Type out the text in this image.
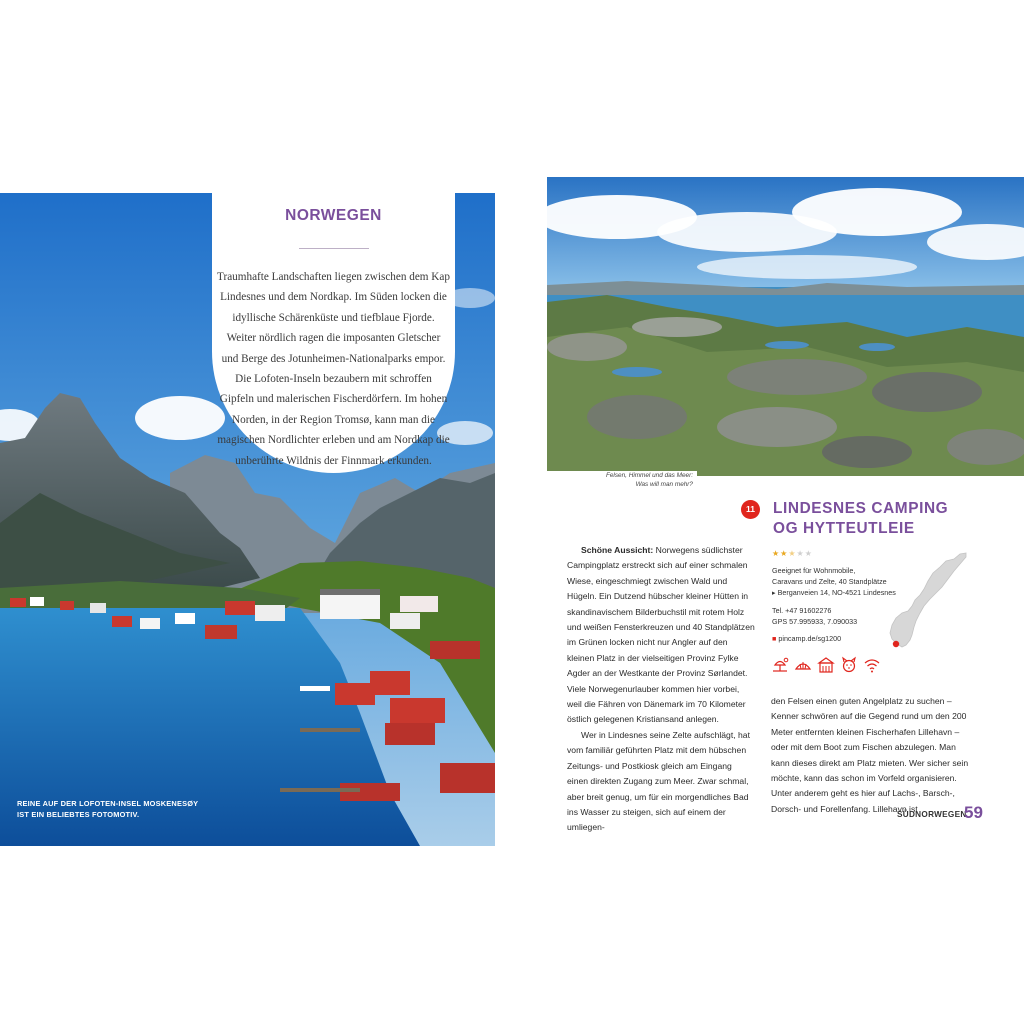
NORWEGEN
Traumhafte Landschaften liegen zwischen dem Kap Lindesnes und dem Nordkap. Im Süden locken die idyllische Schärenküste und tiefblaue Fjorde. Weiter nördlich ragen die imposanten Gletscher und Berge des Jotunheimen-Nationalparks empor. Die Lofoten-Inseln bezaubern mit schroffen Gipfeln und malerischen Fischerdörfern. Im hohen Norden, in der Region Tromsø, kann man die magischen Nordlichter erleben und am Nordkap die unberührte Wildnis der Finnmark erkunden.
REINE AUF DER LOFOTEN-INSEL MOSKENESØY
IST EIN BELIEBTES FOTOMOTIV.
Felsen, Himmel und das Meer:
Was will man mehr?
11	LINDESNES CAMPING
OG HYTTEUTLEIE

Schöne Aussicht: Norwegens südlichster Campingplatz erstreckt sich auf einer schmalen Wiese, eingeschmiegt zwischen Wald und Hügeln. Ein Dutzend hübscher kleiner Hütten in skandinavischem Bilderbuchstil mit rotem Holz und weißen Fensterkreuzen und 40 Standplätzen im Grünen locken nicht nur Angler auf den kleinen Platz in der vielseitigen Provinz Fylke Agder an der Westkante der Provinz Sørlandet. Viele Norwegenurlauber kommen hier vorbei, weil die Fähren von Dänemark im 70 Kilometer östlich gelegenen Kristiansand anlegen.

Wer in Lindesnes seine Zelte aufschlägt, hat vom familiär geführten Platz mit dem hübschen Zeitungs- und Postkiosk gleich am Eingang einen direkten Zugang zum Meer. Zwar schmal, aber breit genug, um für ein morgendliches Bad ins Wasser zu steigen, sich auf einem der umliegen-

★★★★★
Geeignet für Wohnmobile,
Caravans und Zelte, 40 Standplätze
▸ Berganveien 14, NO-4521 Lindesnes
Tel. +47 91602276
GPS 57.995933, 7.090033
■ pincamp.de/sg1200

den Felsen einen guten Angelplatz zu suchen – Kenner schwören auf die Gegend rund um den 200 Meter entfernten kleinen Fischerhafen Lillehavn – oder mit dem Boot zum Fischen abzulegen. Man kann dieses direkt am Platz mieten. Wer sicher sein möchte, kann das schon im Vorfeld organisieren. Unter anderem geht es hier auf Lachs-, Barsch-, Dorsch- und Forellenfang. Lillehavn ist

SÜDNORWEGEN
59
